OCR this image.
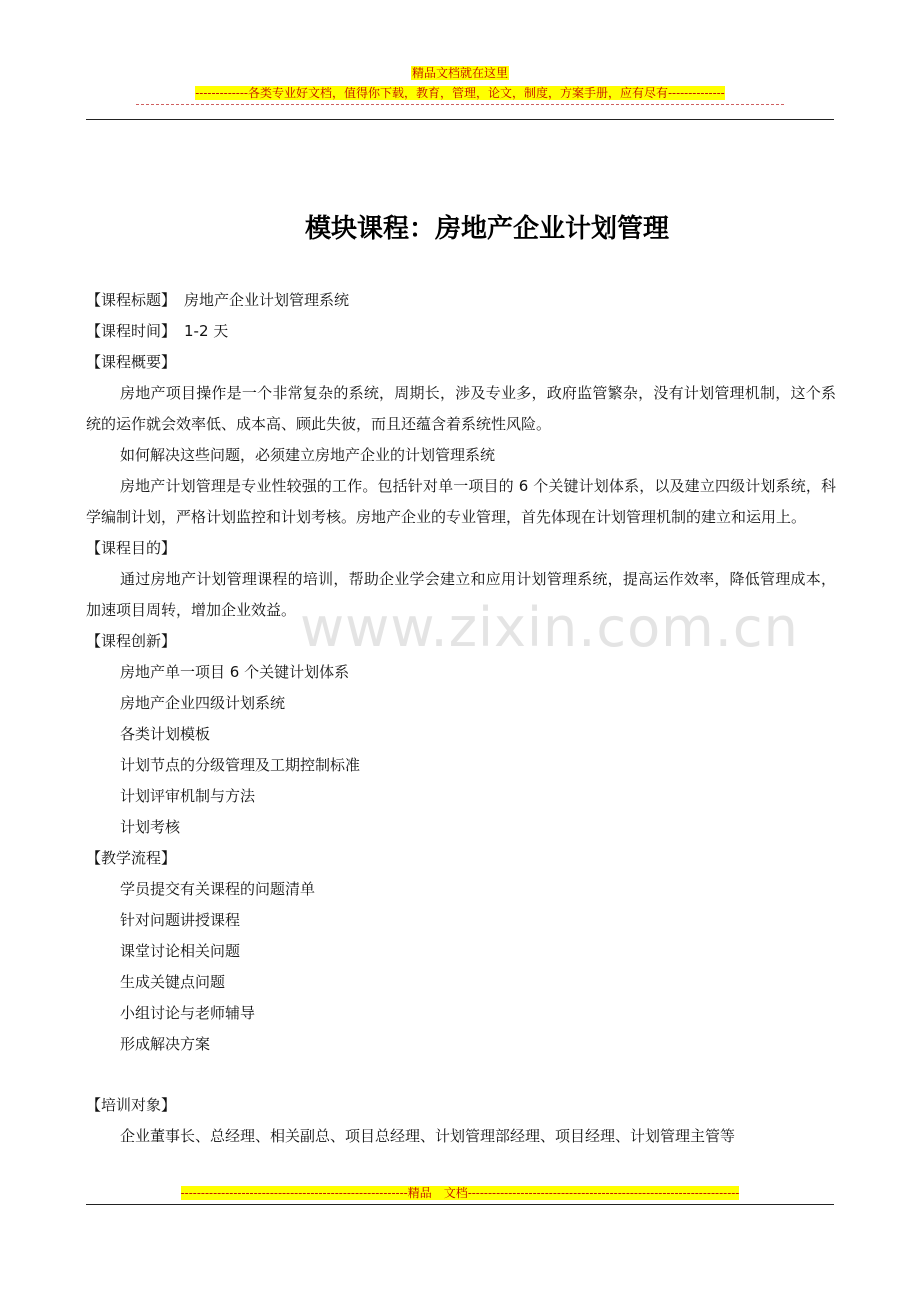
精品文档就在这里
-------------各类专业好文档，值得你下载，教育，管理，论文，制度，方案手册，应有尽有--------------
www.zixin.com.cn
模块课程：房地产企业计划管理

【课程标题】 房地产企业计划管理系统

【课程时间】 1-2 天

【课程概要】

房地产项目操作是一个非常复杂的系统，周期长，涉及专业多，政府监管繁杂，没有计划管理机制，这个系统的运作就会效率低、成本高、顾此失彼，而且还蕴含着系统性风险。

如何解决这些问题，必须建立房地产企业的计划管理系统

房地产计划管理是专业性较强的工作。包括针对单一项目的 6 个关键计划体系，以及建立四级计划系统，科学编制计划，严格计划监控和计划考核。房地产企业的专业管理，首先体现在计划管理机制的建立和运用上。

【课程目的】

通过房地产计划管理课程的培训，帮助企业学会建立和应用计划管理系统，提高运作效率，降低管理成本，加速项目周转，增加企业效益。

【课程创新】

房地产单一项目 6 个关键计划体系

房地产企业四级计划系统

各类计划模板

计划节点的分级管理及工期控制标准

计划评审机制与方法

计划考核

【教学流程】

学员提交有关课程的问题清单

针对问题讲授课程

课堂讨论相关问题

生成关键点问题

小组讨论与老师辅导

形成解决方案

【培训对象】

企业董事长、总经理、相关副总、项目总经理、计划管理部经理、项目经理、计划管理主管等

--------------------------------------------------------精品　文档-------------------------------------------------------------------
